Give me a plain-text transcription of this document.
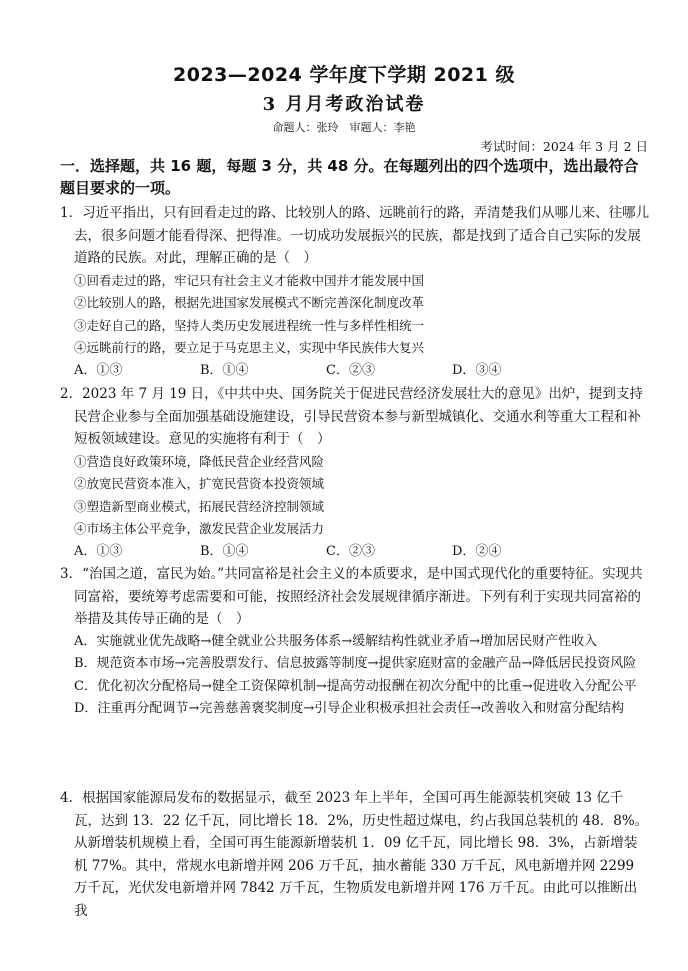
2023—2024 学年度下学期 2021 级
3 月月考政治试卷
命题人：张玲　审题人：李艳
考试时间：2024 年 3 月 2 日
一．选择题，共 16 题，每题 3 分，共 48 分。在每题列出的四个选项中，选出最符合题目要求的一项。

1．习近平指出，只有回看走过的路、比较别人的路、远眺前行的路，弄清楚我们从哪儿来、往哪儿去，很多问题才能看得深、把得准。一切成功发展振兴的民族，都是找到了适合自己实际的发展道路的民族。对此，理解正确的是（　）

①回看走过的路，牢记只有社会主义才能救中国并才能发展中国

②比较别人的路，根据先进国家发展模式不断完善深化制度改革

③走好自己的路，坚持人类历史发展进程统一性与多样性相统一

④远眺前行的路，要立足于马克思主义，实现中华民族伟大复兴

A．①③	B．①④	C．②③	D．③④

2．2023 年 7 月 19 日，《中共中央、国务院关于促进民营经济发展壮大的意见》出炉，提到支持民营企业参与全面加强基础设施建设，引导民营资本参与新型城镇化、交通水利等重大工程和补短板领域建设。意见的实施将有利于（　）

①营造良好政策环境，降低民营企业经营风险

②放宽民营资本准入，扩宽民营资本投资领域

③塑造新型商业模式，拓展民营经济控制领域

④市场主体公平竞争，激发民营企业发展活力

A．①③	B．①④	C．②③	D．②④

3．“治国之道，富民为始。”共同富裕是社会主义的本质要求，是中国式现代化的重要特征。实现共同富裕，要统筹考虑需要和可能，按照经济社会发展规律循序渐进。下列有利于实现共同富裕的举措及其传导正确的是（　）

A．实施就业优先战略→健全就业公共服务体系→缓解结构性就业矛盾→增加居民财产性收入

B．规范资本市场→完善股票发行、信息披露等制度→提供家庭财富的金融产品→降低居民投资风险

C．优化初次分配格局→健全工资保障机制→提高劳动报酬在初次分配中的比重→促进收入分配公平

D．注重再分配调节→完善慈善褒奖制度→引导企业积极承担社会责任→改善收入和财富分配结构

4．根据国家能源局发布的数据显示，截至 2023 年上半年，全国可再生能源装机突破 13 亿千瓦，达到 13．22 亿千瓦，同比增长 18．2%，历史性超过煤电，约占我国总装机的 48．8%。从新增装机规模上看，全国可再生能源新增装机 1．09 亿千瓦，同比增长 98．3%，占新增装机 77%。其中，常规水电新增并网 206 万千瓦，抽水蓄能 330 万千瓦，风电新增并网 2299 万千瓦，光伏发电新增并网 7842 万千瓦，生物质发电新增并网 176 万千瓦。由此可以推断出我
